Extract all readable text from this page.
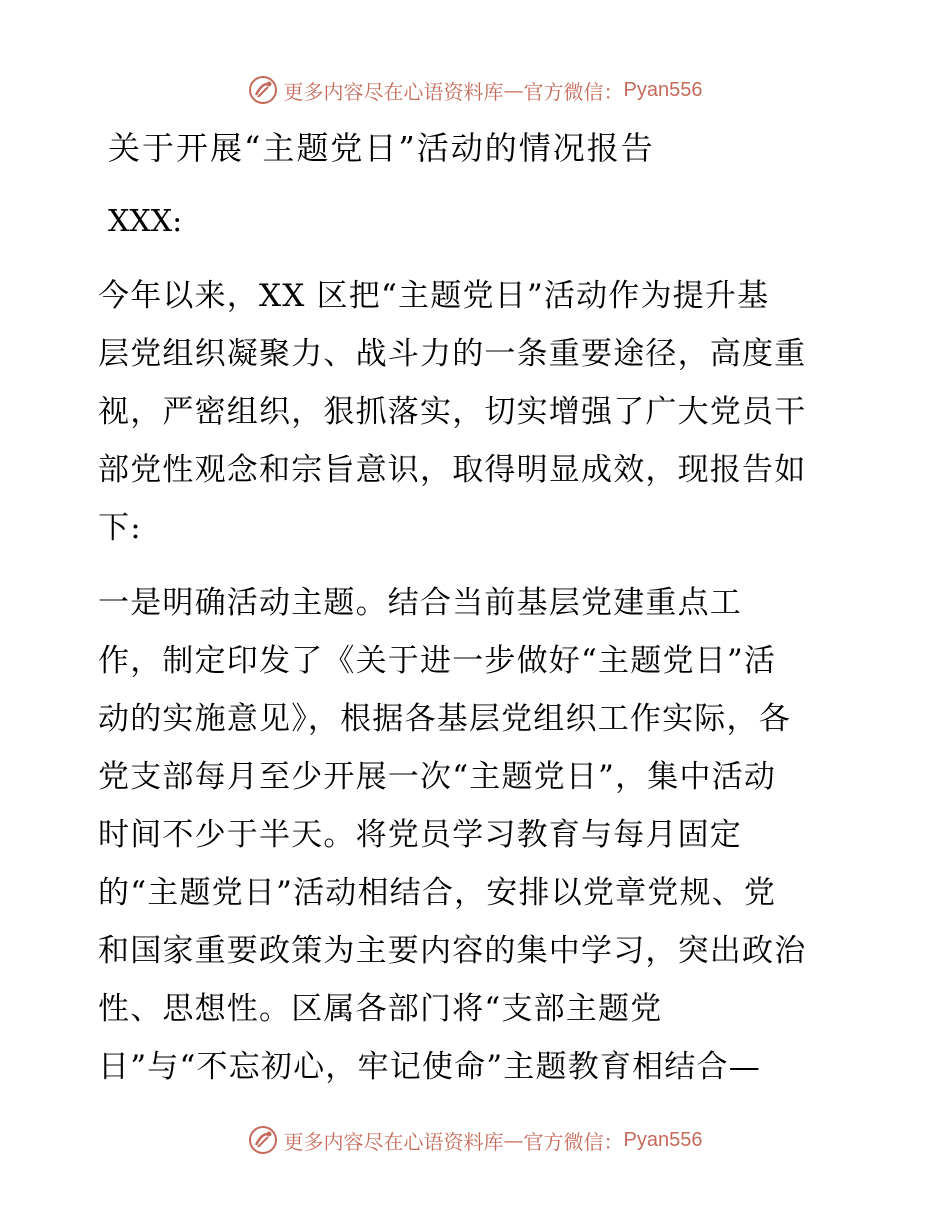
更多内容尽在心语资料库 — 官方微信： Pyan556
关于开展“主题党日”活动的情况报告
XXX:
今年以来，XX 区把“主题党日”活动作为提升基
层党组织凝聚力、战斗力的一条重要途径，高度重
视，严密组织，狠抓落实，切实增强了广大党员干
部党性观念和宗旨意识，取得明显成效，现报告如
下:
一是明确活动主题。结合当前基层党建重点工
作，制定印发了《关于进一步做好“主题党日”活
动的实施意见》，根据各基层党组织工作实际，各
党支部每月至少开展一次“主题党日”，集中活动
时间不少于半天。将党员学习教育与每月固定
的“主题党日”活动相结合，安排以党章党规、党
和国家重要政策为主要内容的集中学习，突出政治
性、思想性。区属各部门将“支部主题党
日”与“不忘初心，牢记使命”主题教育相结合—
更多内容尽在心语资料库 — 官方微信： Pyan556
